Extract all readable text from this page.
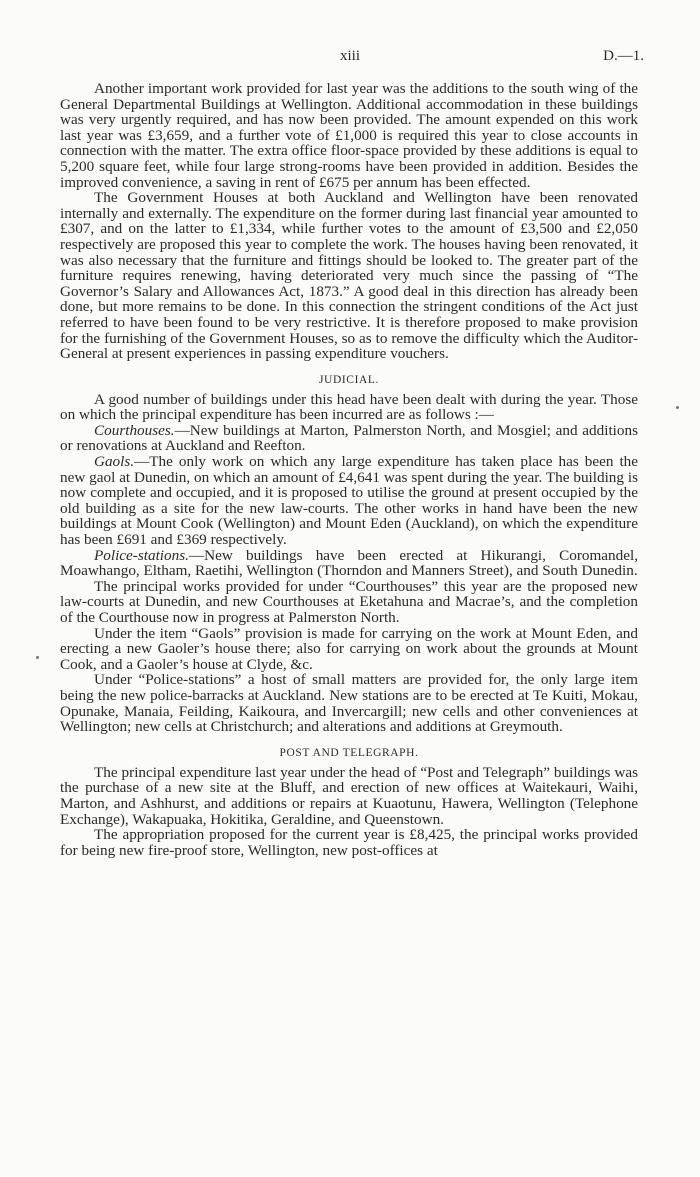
xiii	D.—1.

Another important work provided for last year was the additions to the south wing of the General Departmental Buildings at Wellington. Additional accommodation in these buildings was very urgently required, and has now been provided. The amount expended on this work last year was £3,659, and a further vote of £1,000 is required this year to close accounts in connection with the matter. The extra office floor-space provided by these additions is equal to 5,200 square feet, while four large strong-rooms have been provided in addition. Besides the improved convenience, a saving in rent of £675 per annum has been effected.

The Government Houses at both Auckland and Wellington have been renovated internally and externally. The expenditure on the former during last financial year amounted to £307, and on the latter to £1,334, while further votes to the amount of £3,500 and £2,050 respectively are proposed this year to complete the work. The houses having been renovated, it was also necessary that the furniture and fittings should be looked to. The greater part of the furniture requires renewing, having deteriorated very much since the passing of “The Governor’s Salary and Allowances Act, 1873.” A good deal in this direction has already been done, but more remains to be done. In this connection the stringent conditions of the Act just referred to have been found to be very restrictive. It is therefore proposed to make provision for the furnishing of the Government Houses, so as to remove the difficulty which the Auditor-General at present experiences in passing expenditure vouchers.

JUDICIAL.

A good number of buildings under this head have been dealt with during the year. Those on which the principal expenditure has been incurred are as follows :—

Courthouses.—New buildings at Marton, Palmerston North, and Mosgiel; and additions or renovations at Auckland and Reefton.

Gaols.—The only work on which any large expenditure has taken place has been the new gaol at Dunedin, on which an amount of £4,641 was spent during the year. The building is now complete and occupied, and it is proposed to utilise the ground at present occupied by the old building as a site for the new law-courts. The other works in hand have been the new buildings at Mount Cook (Wellington) and Mount Eden (Auckland), on which the expenditure has been £691 and £369 respectively.

Police-stations.—New buildings have been erected at Hikurangi, Coromandel, Moawhango, Eltham, Raetihi, Wellington (Thorndon and Manners Street), and South Dunedin.

The principal works provided for under “Courthouses” this year are the proposed new law-courts at Dunedin, and new Courthouses at Eketahuna and Macrae’s, and the completion of the Courthouse now in progress at Palmerston North.

Under the item “Gaols” provision is made for carrying on the work at Mount Eden, and erecting a new Gaoler’s house there; also for carrying on work about the grounds at Mount Cook, and a Gaoler’s house at Clyde, &c.

Under “Police-stations” a host of small matters are provided for, the only large item being the new police-barracks at Auckland. New stations are to be erected at Te Kuiti, Mokau, Opunake, Manaia, Feilding, Kaikoura, and Invercargill; new cells and other conveniences at Wellington; new cells at Christchurch; and alterations and additions at Greymouth.

POST AND TELEGRAPH.

The principal expenditure last year under the head of “Post and Telegraph” buildings was the purchase of a new site at the Bluff, and erection of new offices at Waitekauri, Waihi, Marton, and Ashhurst, and additions or repairs at Kuaotunu, Hawera, Wellington (Telephone Exchange), Wakapuaka, Hokitika, Geraldine, and Queenstown.

The appropriation proposed for the current year is £8,425, the principal works provided for being new fire-proof store, Wellington, new post-offices at
